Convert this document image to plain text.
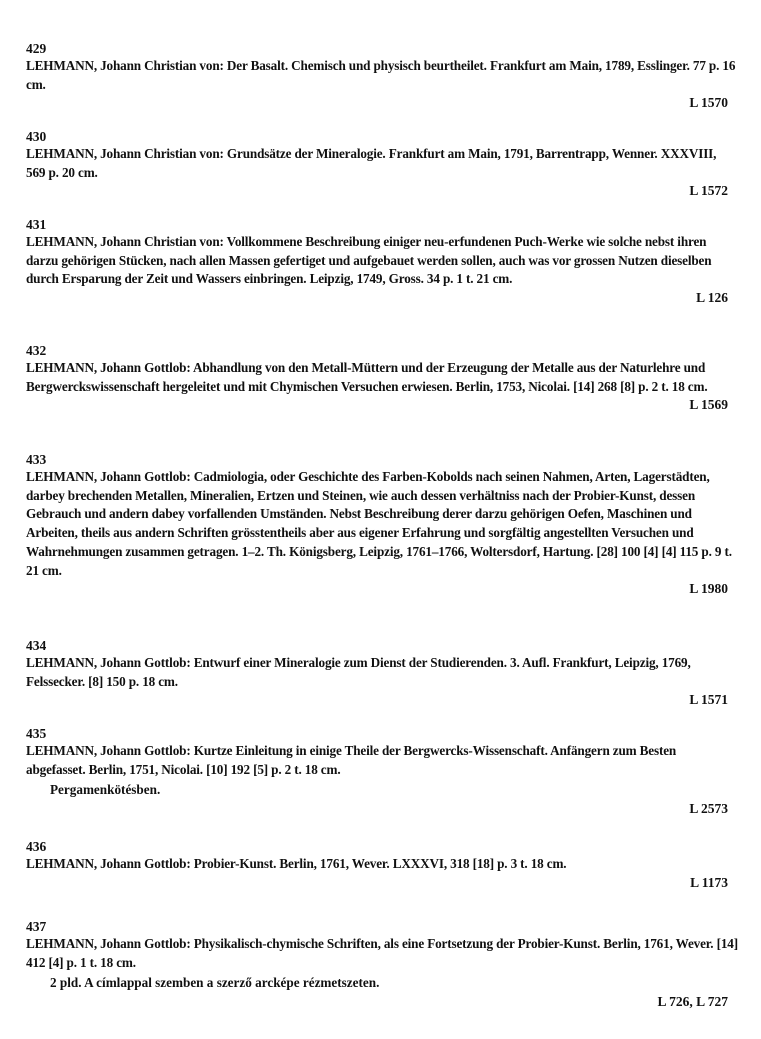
429
LEHMANN, Johann Christian von: Der Basalt. Chemisch und physisch beurtheilet. Frankfurt am Main, 1789, Esslinger. 77 p. 16 cm.
L 1570
430
LEHMANN, Johann Christian von: Grundsätze der Mineralogie. Frankfurt am Main, 1791, Barrentrapp, Wenner. XXXVIII, 569 p. 20 cm.
L 1572
431
LEHMANN, Johann Christian von: Vollkommene Beschreibung einiger neu-erfundenen Puch-Werke wie solche nebst ihren darzu gehörigen Stücken, nach allen Massen gefertiget und aufgebauet werden sollen, auch was vor grossen Nutzen dieselben durch Ersparung der Zeit und Wassers einbringen. Leipzig, 1749, Gross. 34 p. 1 t. 21 cm.
L 126
432
LEHMANN, Johann Gottlob: Abhandlung von den Metall-Müttern und der Erzeugung der Metalle aus der Naturlehre und Bergwerckswissenschaft hergeleitet und mit Chymischen Versuchen erwiesen. Berlin, 1753, Nicolai. [14] 268 [8] p. 2 t. 18 cm.
L 1569
433
LEHMANN, Johann Gottlob: Cadmiologia, oder Geschichte des Farben-Kobolds nach seinen Nahmen, Arten, Lagerstädten, darbey brechenden Metallen, Mineralien, Ertzen und Steinen, wie auch dessen verhältniss nach der Probier-Kunst, dessen Gebrauch und andern dabey vorfallenden Umständen. Nebst Beschreibung derer darzu gehörigen Oefen, Maschinen und Arbeiten, theils aus andern Schriften grösstentheils aber aus eigener Erfahrung und sorgfältig angestellten Versuchen und Wahrnehmungen zusammen getragen. 1–2. Th. Königsberg, Leipzig, 1761–1766, Woltersdorf, Hartung. [28] 100 [4] [4] 115 p. 9 t. 21 cm.
L 1980
434
LEHMANN, Johann Gottlob: Entwurf einer Mineralogie zum Dienst der Studierenden. 3. Aufl. Frankfurt, Leipzig, 1769, Felssecker. [8] 150 p. 18 cm.
L 1571
435
LEHMANN, Johann Gottlob: Kurtze Einleitung in einige Theile der Bergwercks-Wissenschaft. Anfängern zum Besten abgefasset. Berlin, 1751, Nicolai. [10] 192 [5] p. 2 t. 18 cm.
Pergamenkötésben.
L 2573
436
LEHMANN, Johann Gottlob: Probier-Kunst. Berlin, 1761, Wever. LXXXVI, 318 [18] p. 3 t. 18 cm.
L 1173
437
LEHMANN, Johann Gottlob: Physikalisch-chymische Schriften, als eine Fortsetzung der Probier-Kunst. Berlin, 1761, Wever. [14] 412 [4] p. 1 t. 18 cm.
2 pld. A címlappal szemben a szerző arcképe rézmetszeten.
L 726, L 727
